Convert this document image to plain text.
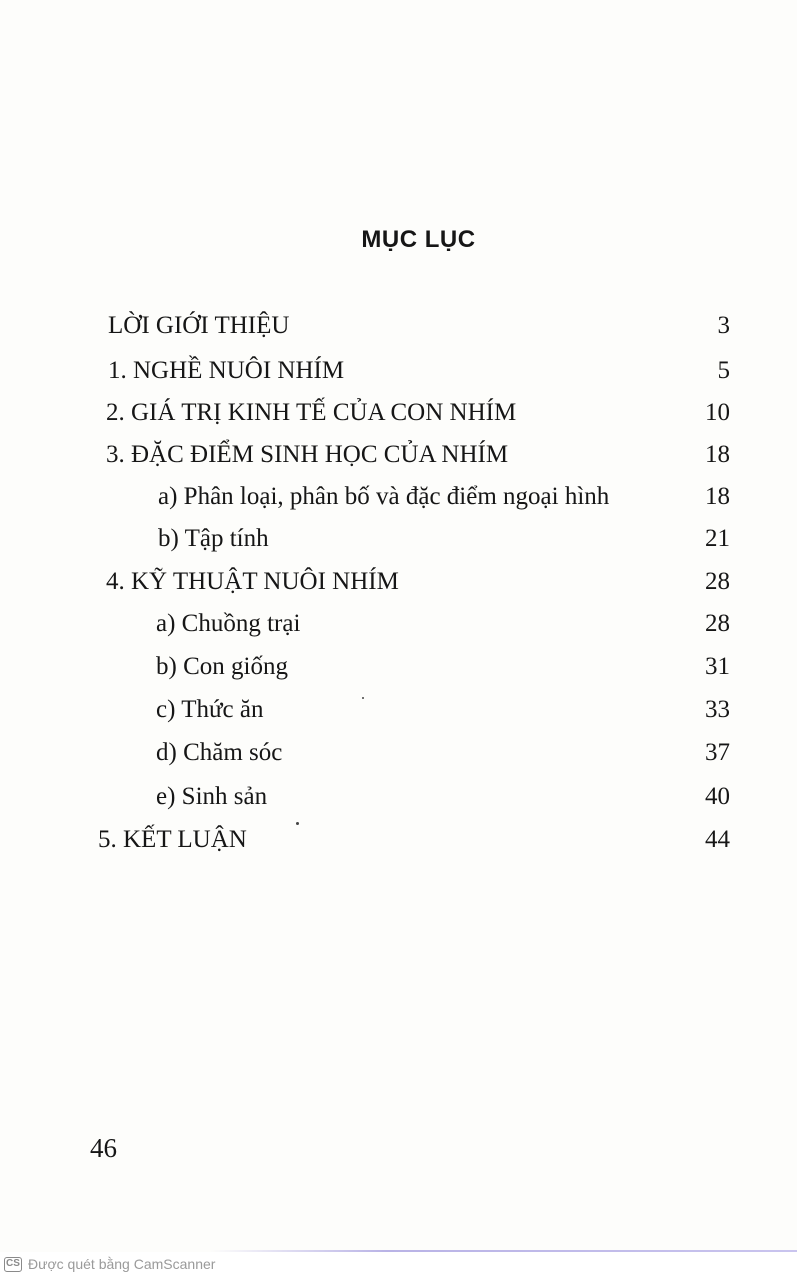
MỤC LỤC
LỜI GIỚI THIỆU	3
1. NGHỀ NUÔI NHÍM	5
2. GIÁ TRỊ KINH TẾ CỦA CON NHÍM	10
3. ĐẶC ĐIỂM SINH HỌC CỦA NHÍM	18
a) Phân loại, phân bố và đặc điểm ngoại hình	18
b) Tập tính	21
4. KỸ THUẬT NUÔI NHÍM	28
a) Chuồng trại	28
b) Con giống	31
c) Thức ăn	33
d) Chăm sóc	37
e) Sinh sản	40
5. KẾT LUẬN	44
46
CS Được quét bằng CamScanner
